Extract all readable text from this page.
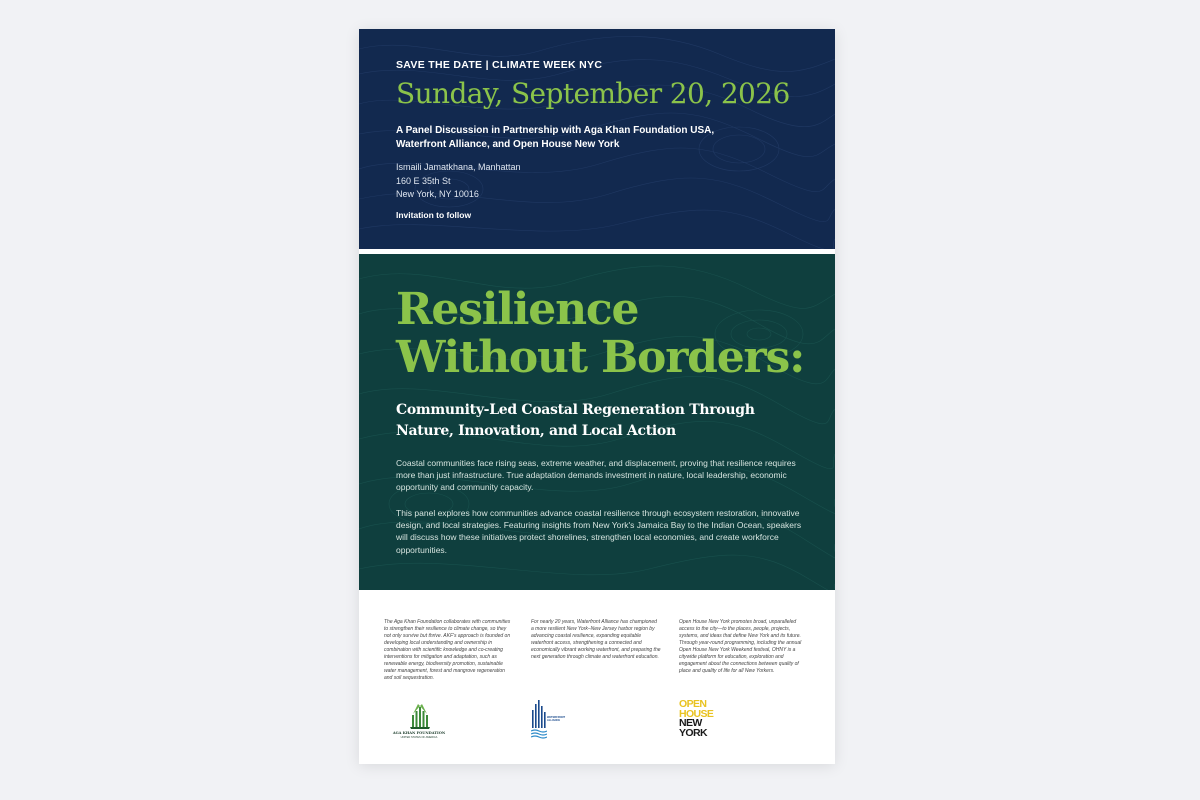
SAVE THE DATE | CLIMATE WEEK NYC
Sunday, September 20, 2026
A Panel Discussion in Partnership with Aga Khan Foundation USA,
Waterfront Alliance, and Open House New York
Ismaili Jamatkhana, Manhattan
160 E 35th St
New York, NY 10016
Invitation to follow
Resilience
Without Borders:
Community-Led Coastal Regeneration Through
Nature, Innovation, and Local Action

Coastal communities face rising seas, extreme weather, and displacement, proving that resilience requires more than just infrastructure. True adaptation demands investment in nature, local leadership, economic opportunity and community capacity.

This panel explores how communities advance coastal resilience through ecosystem restoration, innovative design, and local strategies. Featuring insights from New York's Jamaica Bay to the Indian Ocean, speakers will discuss how these initiatives protect shorelines, strengthen local economies, and create workforce opportunities.

The Aga Khan Foundation collaborates with communities to strengthen their resilience to climate change, so they not only survive but thrive. AKF's approach is founded on developing local understanding and ownership in combination with scientific knowledge and co-creating interventions for mitigation and adaptation, such as renewable energy, biodiversity promotion, sustainable water management, forest and mangrove regeneration and soil sequestration.

For nearly 20 years, Waterfront Alliance has championed a more resilient New York–New Jersey harbor region by advancing coastal resilience, expanding equitable waterfront access, strengthening a connected and economically vibrant working waterfront, and preparing the next generation through climate and waterfront education.

Open House New York promotes broad, unparalleled access to the city—to the places, people, projects, systems, and ideas that define New York and its future. Through year-round programming, including the annual Open House New York Weekend festival, OHNY is a citywide platform for education, exploration and engagement about the connections between quality of place and quality of life for all New Yorkers.

AGA KHAN FOUNDATION
UNITED STATES OF AMERICA
WATERFRONT
ALLIANCE
OPEN
HOUSE
NEW
YORK
